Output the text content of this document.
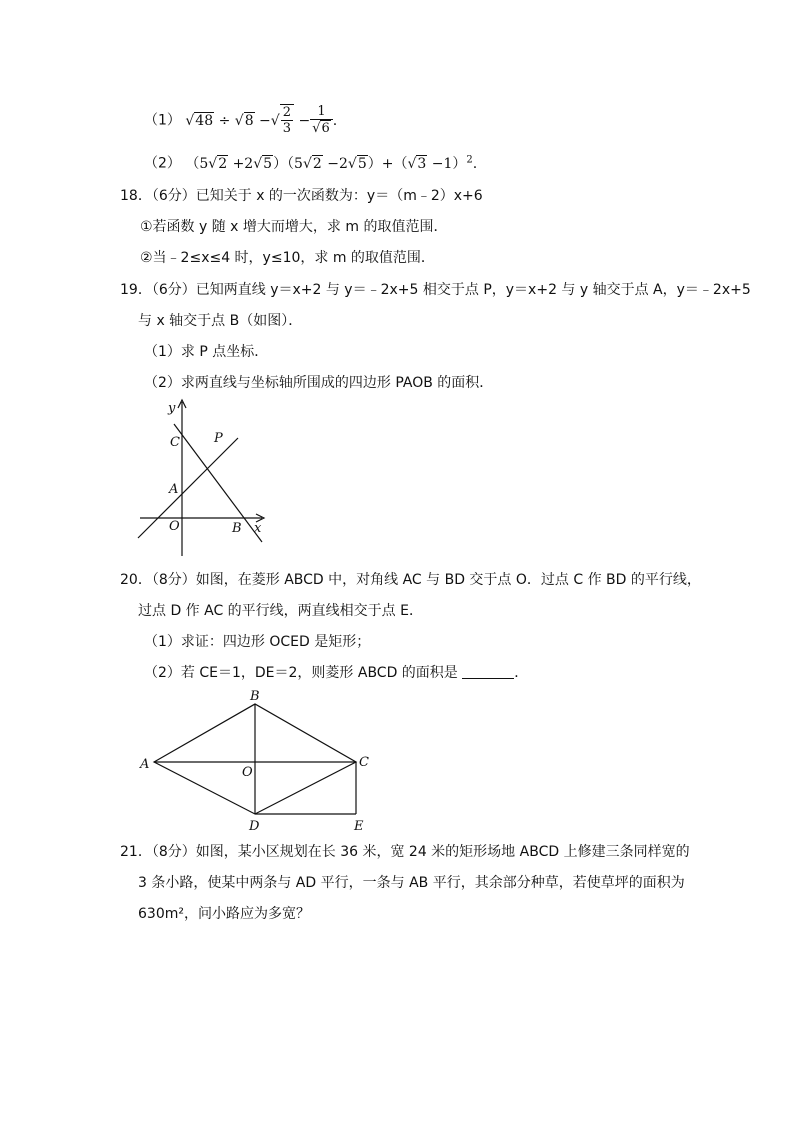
（1） √48 ÷ √8 −√ $\frac{2}{3} - \frac{1}{√6}$ .
（2） $(5√2 +2√5)(5√2 -2√5)+(√3 -1)^2$.
18．（6分）已知关于 x 的一次函数为：y＝（m﹣2）x+6
①若函数 y 随 x 增大而增大，求 m 的取值范围．
②当﹣2≤x≤4 时，y≤10，求 m 的取值范围．
19．（6分）已知两直线 y＝x+2 与 y＝﹣2x+5 相交于点 P，y＝x+2 与 y 轴交于点 A，y＝﹣2x+5
与 x 轴交于点 B（如图）．
（1）求 P 点坐标．
（2）求两直线与坐标轴所围成的四边形 PAOB 的面积．
y
C	P
A
O	B x
20．（8分）如图，在菱形 ABCD 中，对角线 AC 与 BD 交于点 O．过点 C 作 BD 的平行线，
过点 D 作 AC 的平行线，两直线相交于点 E．
（1）求证：四边形 OCED 是矩形；
（2）若 CE＝1，DE＝2，则菱形 ABCD 的面积是	．
A
B
C
O
D	E
21．（8分）如图，某小区规划在长 36 米，宽 24 米的矩形场地 ABCD 上修建三条同样宽的
3 条小路，使某中两条与 AD 平行，一条与 AB 平行，其余部分种草，若使草坪的面积为
630m²，问小路应为多宽？
